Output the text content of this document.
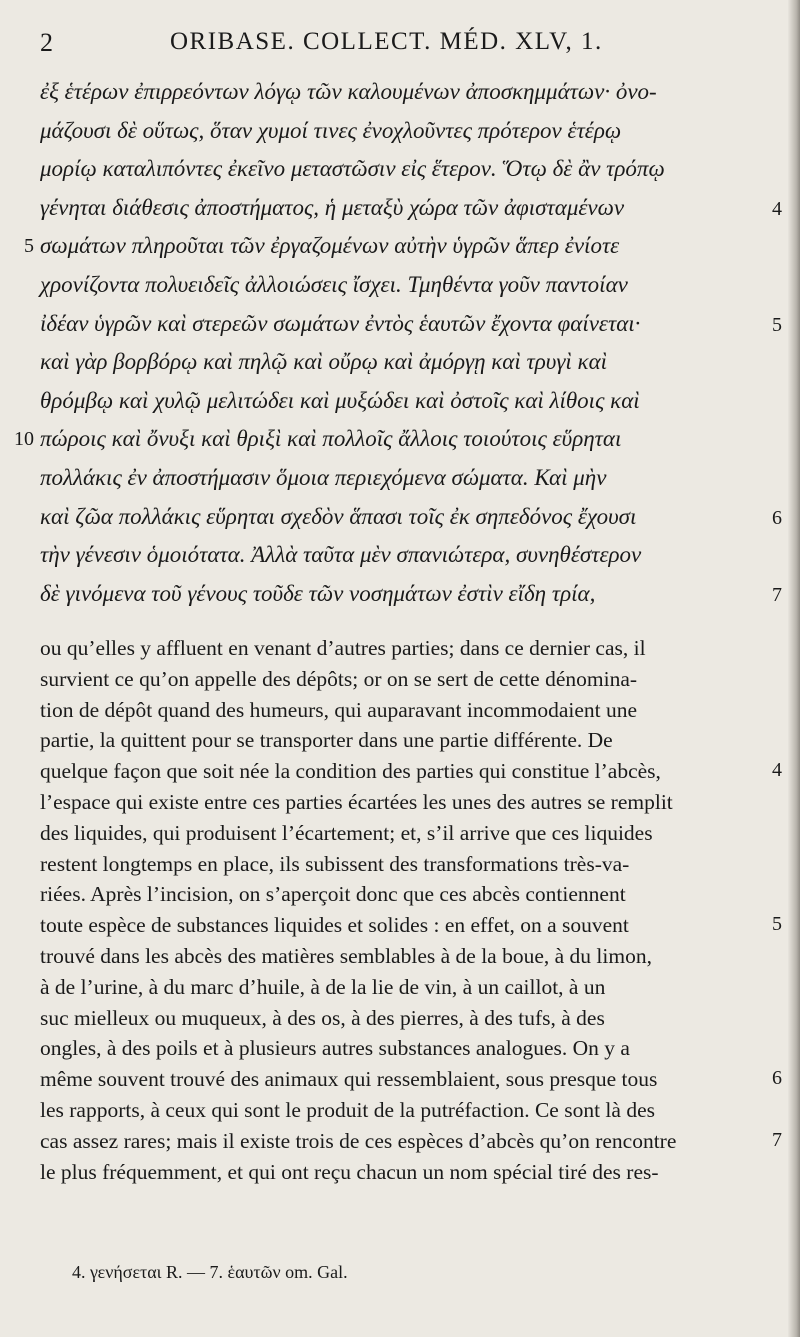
2	ORIBASE. COLLECT. MÉD. XLV, 1.
ἐξ ἑτέρων ἐπιρρεόντων λόγῳ τῶν καλουμένων ἀποσκημμάτων· ὀνο-
μάζουσι δὲ οὕτως, ὅταν χυμοί τινες ἐνοχλοῦντες πρότερον ἑτέρῳ
μορίῳ καταλιπόντες ἐκεῖνο μεταστῶσιν εἰς ἕτερον. Ὅτῳ δὲ ἂν τρόπῳ
4
γένηται διάθεσις ἀποστήματος, ἡ μεταξὺ χώρα τῶν ἀφισταμένων
5 σωμάτων πληροῦται τῶν ἐργαζομένων αὐτὴν ὑγρῶν ἅπερ ἐνίοτε
χρονίζοντα πολυειδεῖς ἀλλοιώσεις ἴσχει. Τμηθέντα γοῦν παντοίαν
5
ἰδέαν ὑγρῶν καὶ στερεῶν σωμάτων ἐντὸς ἑαυτῶν ἔχοντα φαίνεται·
καὶ γὰρ βορβόρῳ καὶ πηλῷ καὶ οὔρῳ καὶ ἀμόργῃ καὶ τρυγὶ καὶ
θρόμβῳ καὶ χυλῷ μελιτώδει καὶ μυξώδει καὶ ὀστοῖς καὶ λίθοις καὶ
10 πώροις καὶ ὄνυξι καὶ θριξὶ καὶ πολλοῖς ἄλλοις τοιούτοις εὕρηται
πολλάκις ἐν ἀποστήμασιν ὅμοια περιεχόμενα σώματα. Καὶ μὴν
6
καὶ ζῶα πολλάκις εὕρηται σχεδὸν ἅπασι τοῖς ἐκ σηπεδόνος ἔχουσι
τὴν γένεσιν ὁμοιότατα. Ἀλλὰ ταῦτα μὲν σπανιώτερα, συνηθέστερον
7
δὲ γινόμενα τοῦ γένους τοῦδε τῶν νοσημάτων ἐστὶν εἴδη τρία,
ou qu’elles y affluent en venant d’autres parties; dans ce dernier cas, il
survient ce qu’on appelle des dépôts; or on se sert de cette dénomina-
tion de dépôt quand des humeurs, qui auparavant incommodaient une
partie, la quittent pour se transporter dans une partie différente. De
4
quelque façon que soit née la condition des parties qui constitue l’abcès,
l’espace qui existe entre ces parties écartées les unes des autres se remplit
des liquides, qui produisent l’écartement; et, s’il arrive que ces liquides
restent longtemps en place, ils subissent des transformations très-va-
riées. Après l’incision, on s’aperçoit donc que ces abcès contiennent
5
toute espèce de substances liquides et solides : en effet, on a souvent
trouvé dans les abcès des matières semblables à de la boue, à du limon,
à de l’urine, à du marc d’huile, à de la lie de vin, à un caillot, à un
suc mielleux ou muqueux, à des os, à des pierres, à des tufs, à des
ongles, à des poils et à plusieurs autres substances analogues. On y a
6
même souvent trouvé des animaux qui ressemblaient, sous presque tous
les rapports, à ceux qui sont le produit de la putréfaction. Ce sont là des
7
cas assez rares; mais il existe trois de ces espèces d’abcès qu’on rencontre
le plus fréquemment, et qui ont reçu chacun un nom spécial tiré des res-
4. γενήσεται R. — 7. ἑαυτῶν om. Gal.
